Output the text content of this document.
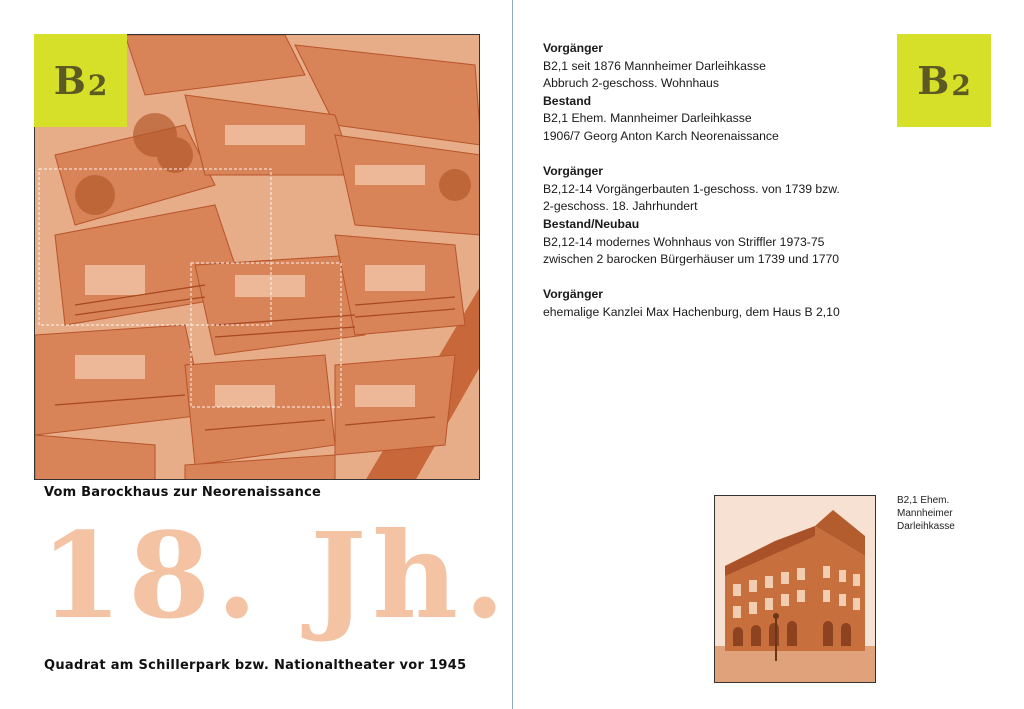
B 2
Vom Barockhaus zur Neorenaissance
18. Jh.
Quadrat am Schillerpark bzw. Nationaltheater vor 1945
Vorgänger
B2,1 seit 1876 Mannheimer Darleihkasse
Abbruch 2-geschoss. Wohnhaus
Bestand
B2,1 Ehem. Mannheimer Darleihkasse
1906/7 Georg Anton Karch Neorenaissance
Vorgänger
B2,12-14 Vorgängerbauten 1-geschoss. von 1739 bzw.
2-geschoss. 18. Jahrhundert
Bestand/Neubau
B2,12-14 modernes Wohnhaus von Striffler 1973-75
zwischen 2 barocken Bürgerhäuser um 1739 und 1770
Vorgänger
ehemalige Kanzlei Max Hachenburg, dem Haus B 2,10
B 2
B2,1 Ehem.
Mannheimer
Darleihkasse
